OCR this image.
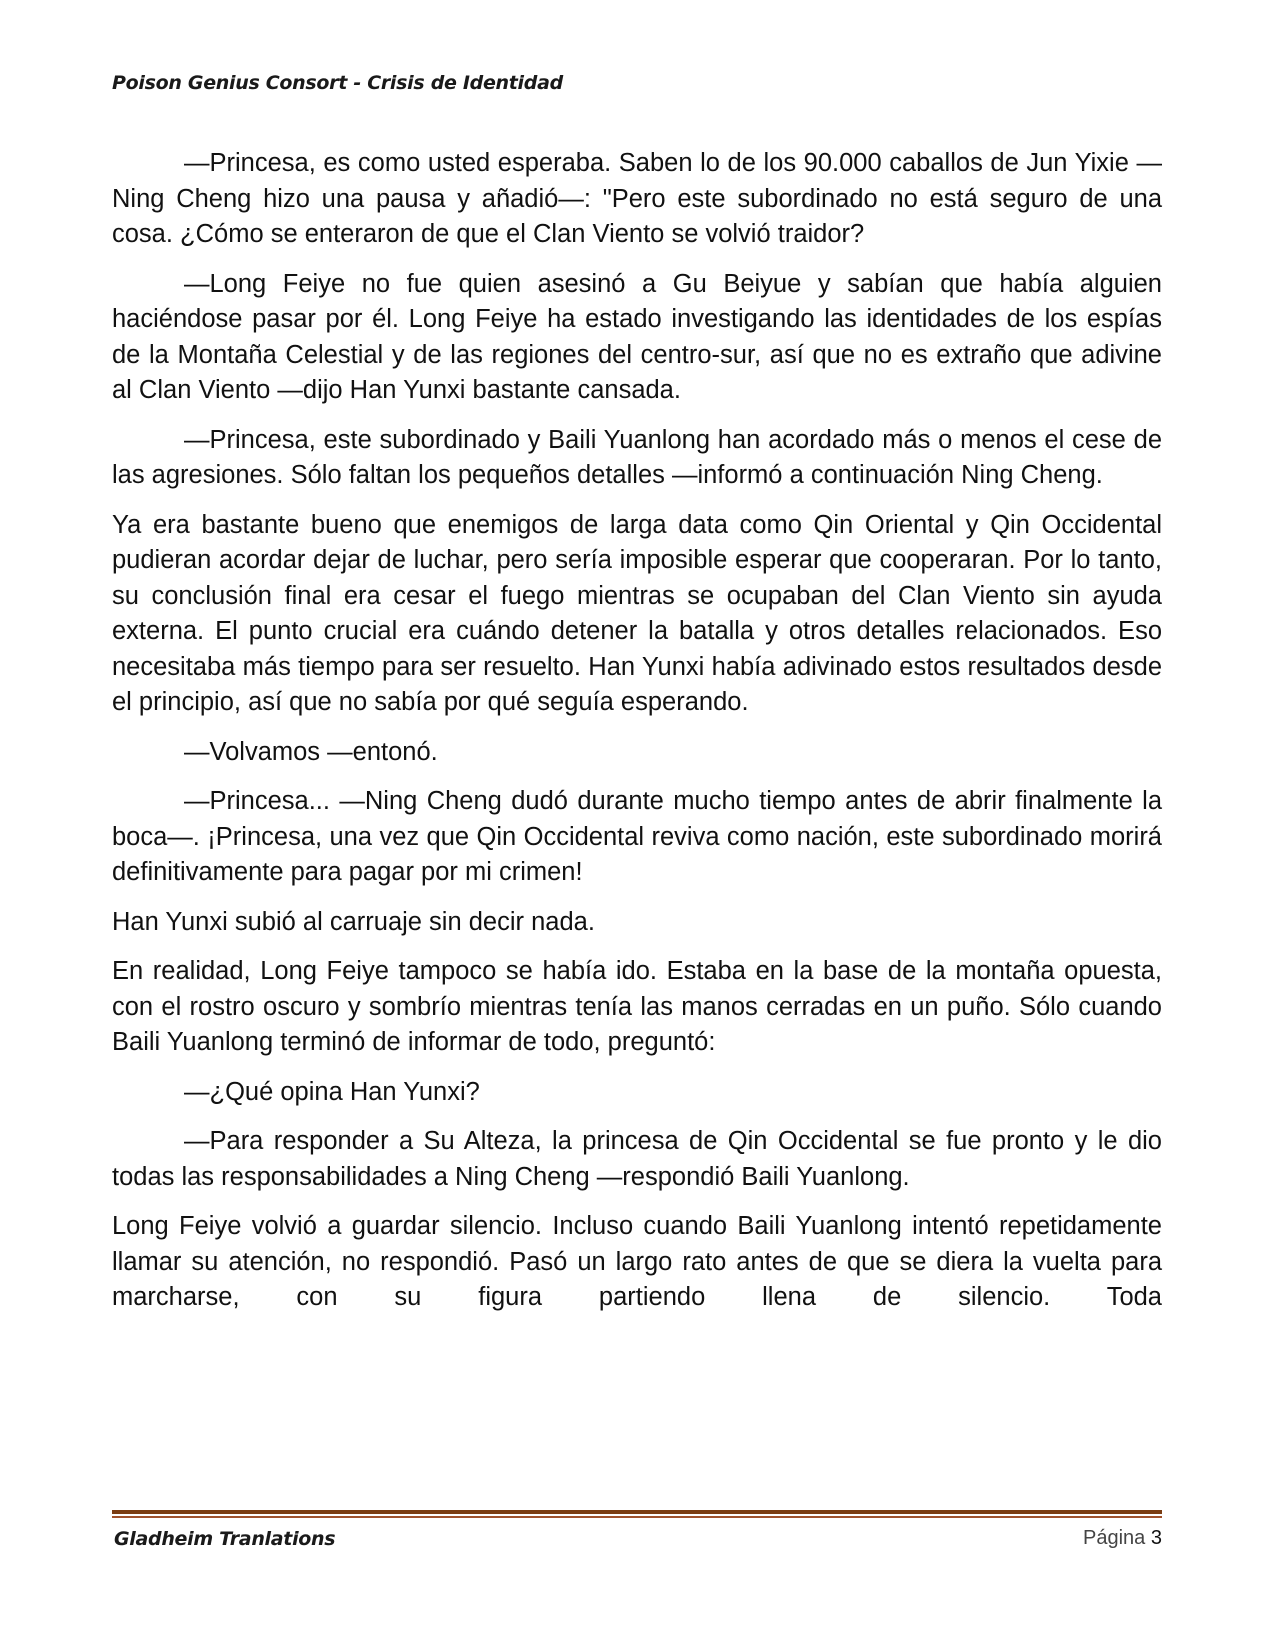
Poison Genius Consort - Crisis de Identidad

—Princesa, es como usted esperaba. Saben lo de los 90.000 caballos de Jun Yixie —Ning Cheng hizo una pausa y añadió—: "Pero este subordinado no está seguro de una cosa. ¿Cómo se enteraron de que el Clan Viento se volvió traidor?

—Long Feiye no fue quien asesinó a Gu Beiyue y sabían que había alguien haciéndose pasar por él. Long Feiye ha estado investigando las identidades de los espías de la Montaña Celestial y de las regiones del centro-sur, así que no es extraño que adivine al Clan Viento —dijo Han Yunxi bastante cansada.

—Princesa, este subordinado y Baili Yuanlong han acordado más o menos el cese de las agresiones. Sólo faltan los pequeños detalles —informó a continuación Ning Cheng.

Ya era bastante bueno que enemigos de larga data como Qin Oriental y Qin Occidental pudieran acordar dejar de luchar, pero sería imposible esperar que cooperaran. Por lo tanto, su conclusión final era cesar el fuego mientras se ocupaban del Clan Viento sin ayuda externa. El punto crucial era cuándo detener la batalla y otros detalles relacionados. Eso necesitaba más tiempo para ser resuelto. Han Yunxi había adivinado estos resultados desde el principio, así que no sabía por qué seguía esperando.

—Volvamos —entonó.

—Princesa... —Ning Cheng dudó durante mucho tiempo antes de abrir finalmente la boca—. ¡Princesa, una vez que Qin Occidental reviva como nación, este subordinado morirá definitivamente para pagar por mi crimen!

Han Yunxi subió al carruaje sin decir nada.

En realidad, Long Feiye tampoco se había ido. Estaba en la base de la montaña opuesta, con el rostro oscuro y sombrío mientras tenía las manos cerradas en un puño. Sólo cuando Baili Yuanlong terminó de informar de todo, preguntó:

—¿Qué opina Han Yunxi?

—Para responder a Su Alteza, la princesa de Qin Occidental se fue pronto y le dio todas las responsabilidades a Ning Cheng —respondió Baili Yuanlong.

Long Feiye volvió a guardar silencio. Incluso cuando Baili Yuanlong intentó repetidamente llamar su atención, no respondió. Pasó un largo rato antes de que se diera la vuelta para marcharse, con su figura partiendo llena de silencio. Toda

Gladheim Tranlations	Página 3
